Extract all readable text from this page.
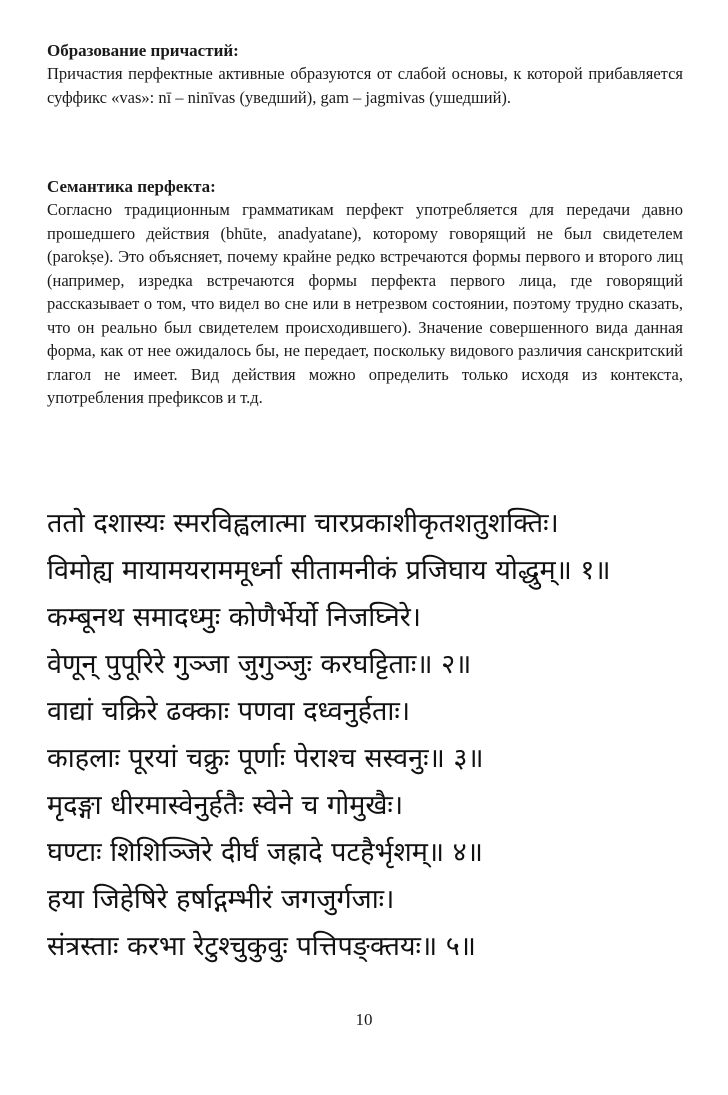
Образование причастий:

Причастия перфектные активные образуются от слабой основы, к которой прибавляется суффикс «vas»: nī – ninīvas (уведший), gam – jagmivas (ушедший).

Семантика перфекта:

Согласно традиционным грамматикам перфект употребляется для передачи давно прошедшего действия (bhūte, anadyatane), которому говорящий не был свидетелем (parokṣe). Это объясняет, почему крайне редко встречаются формы первого и второго лиц (например, изредка встречаются формы перфекта первого лица, где говорящий рассказывает о том, что видел во сне или в нетрезвом состоянии, поэтому трудно сказать, что он реально был свидетелем происходившего). Значение совершенного вида данная форма, как от нее ожидалось бы, не передает, поскольку видового различия санскритский глагол не имеет. Вид действия можно определить только исходя из контекста, употребления префиксов и т.д.

ततो दशास्यः स्मरविह्वलात्मा चारप्रकाशीकृतशतुशक्तिः।
विमोह्य मायामयराममूर्ध्ना सीतामनीकं प्रजिघाय योद्धुम्॥ १॥
कम्बूनथ समादध्मुः कोणैर्भेर्यो निजघ्निरे।
वेणून् पुपूरिरे गुञ्जा जुगुञ्जुः करघट्टिताः॥ २॥
वाद्यां चक्रिरे ढक्काः पणवा दध्वनुर्हताः।
काहलाः पूरयां चक्रुः पूर्णाः पेराश्च सस्वनुः॥ ३॥
मृदङ्गा धीरमास्वेनुर्हतैः स्वेने च गोमुखैः।
घण्टाः शिशिञ्जिरे दीर्घं जह्रादे पटहैर्भृशम्॥ ४॥
हया जिहेषिरे हर्षाद्गम्भीरं जगजुर्गजाः।
संत्रस्ताः करभा रेटुश्चुकुवुः पत्तिपङ्क्तयः॥ ५॥
10
